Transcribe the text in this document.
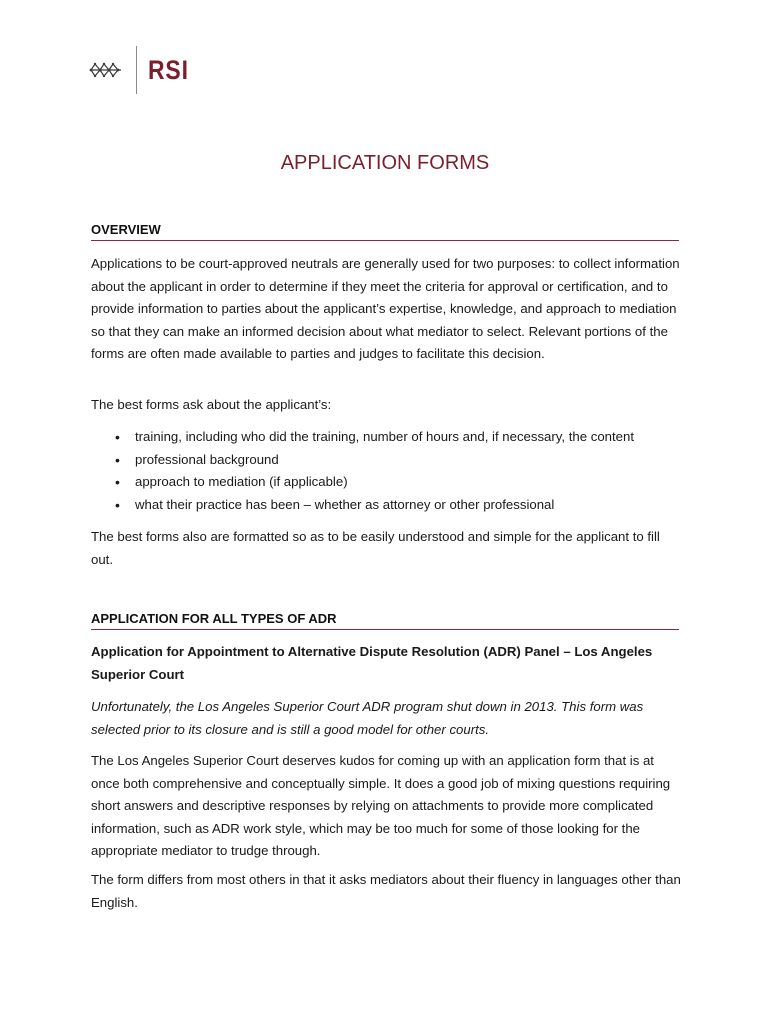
RSI
APPLICATION FORMS
OVERVIEW

Applications to be court-approved neutrals are generally used for two purposes: to collect information about the applicant in order to determine if they meet the criteria for approval or certification, and to provide information to parties about the applicant’s expertise, knowledge, and approach to mediation so that they can make an informed decision about what mediator to select. Relevant portions of the forms are often made available to parties and judges to facilitate this decision.

The best forms ask about the applicant’s:

• training, including who did the training, number of hours and, if necessary, the content
• professional background
• approach to mediation (if applicable)
• what their practice has been – whether as attorney or other professional

The best forms also are formatted so as to be easily understood and simple for the applicant to fill out.

APPLICATION FOR ALL TYPES OF ADR

Application for Appointment to Alternative Dispute Resolution (ADR) Panel – Los Angeles Superior Court

Unfortunately, the Los Angeles Superior Court ADR program shut down in 2013. This form was selected prior to its closure and is still a good model for other courts.

The Los Angeles Superior Court deserves kudos for coming up with an application form that is at once both comprehensive and conceptually simple. It does a good job of mixing questions requiring short answers and descriptive responses by relying on attachments to provide more complicated information, such as ADR work style, which may be too much for some of those looking for the appropriate mediator to trudge through.

The form differs from most others in that it asks mediators about their fluency in languages other than English.
